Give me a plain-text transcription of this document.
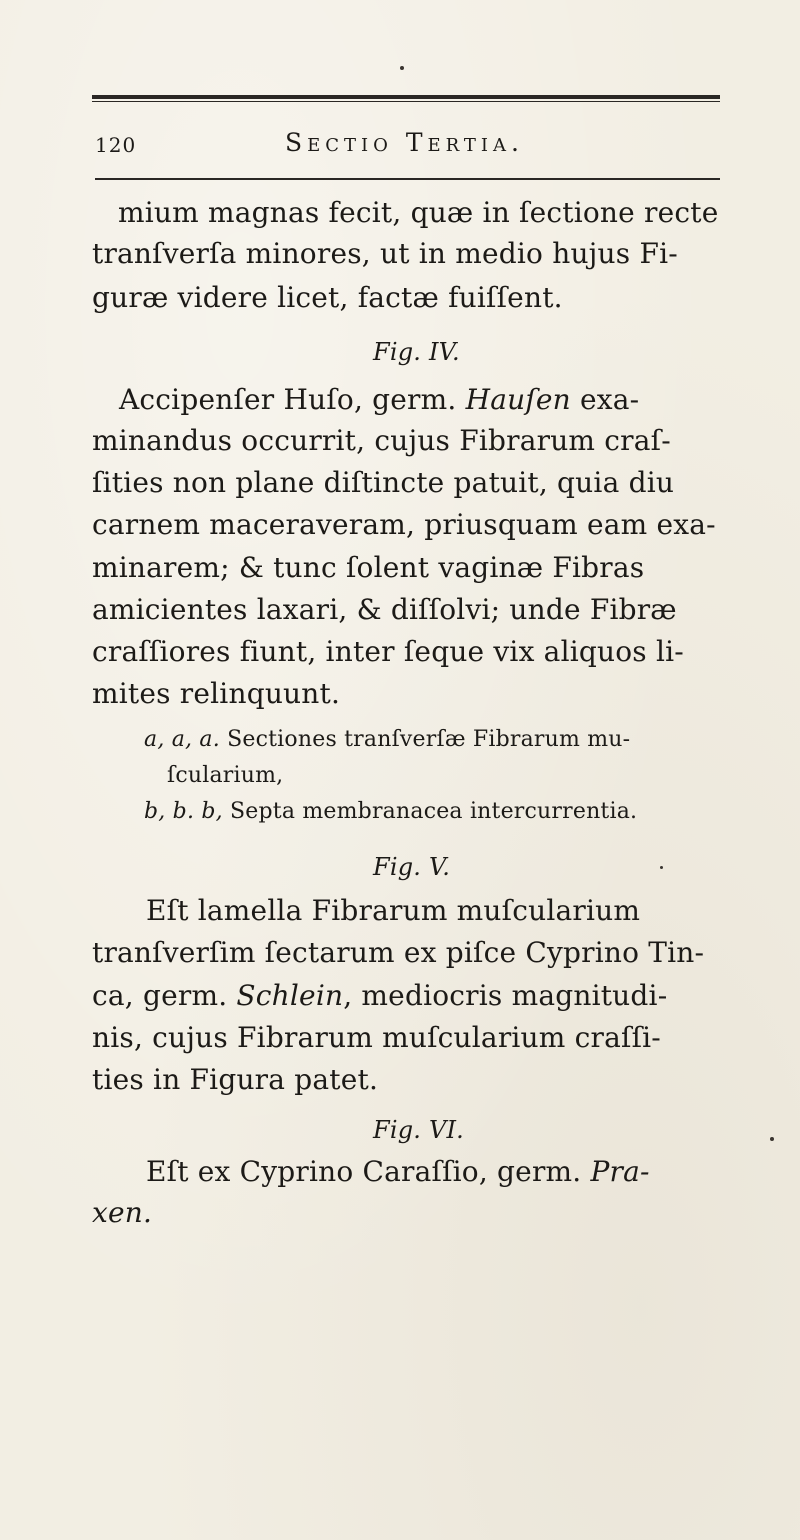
120	Sectio Tertia.
mium magnas fecit, quæ in ſectione recte
tranſverſa minores, ut in medio hujus Fi-
guræ videre licet, factæ fuiſſent.
Fig. IV.
Accipenſer Huſo, germ. Hauſen exa-
minandus occurrit, cujus Fibrarum craſ-
ſities non plane diſtincte patuit, quia diu
carnem maceraveram, priusquam eam exa-
minarem; & tunc ſolent vaginæ Fibras
amicientes laxari, & diſſolvi; unde Fibræ
craſſiores fiunt, inter ſeque vix aliquos li-
mites relinquunt.
a, a, a. Sectiones tranſverſæ Fibrarum mu-
ſcularium,
b, b. b, Septa membranacea intercurrentia.
Fig. V.
Eſt lamella Fibrarum muſcularium
tranſverſim ſectarum ex piſce Cyprino Tin-
ca, germ. Schlein, mediocris magnitudi-
nis, cujus Fibrarum muſcularium craſſi-
ties in Figura patet.
Fig. VI.
Eſt ex Cyprino Caraſſio, germ. Pra-
xen.
